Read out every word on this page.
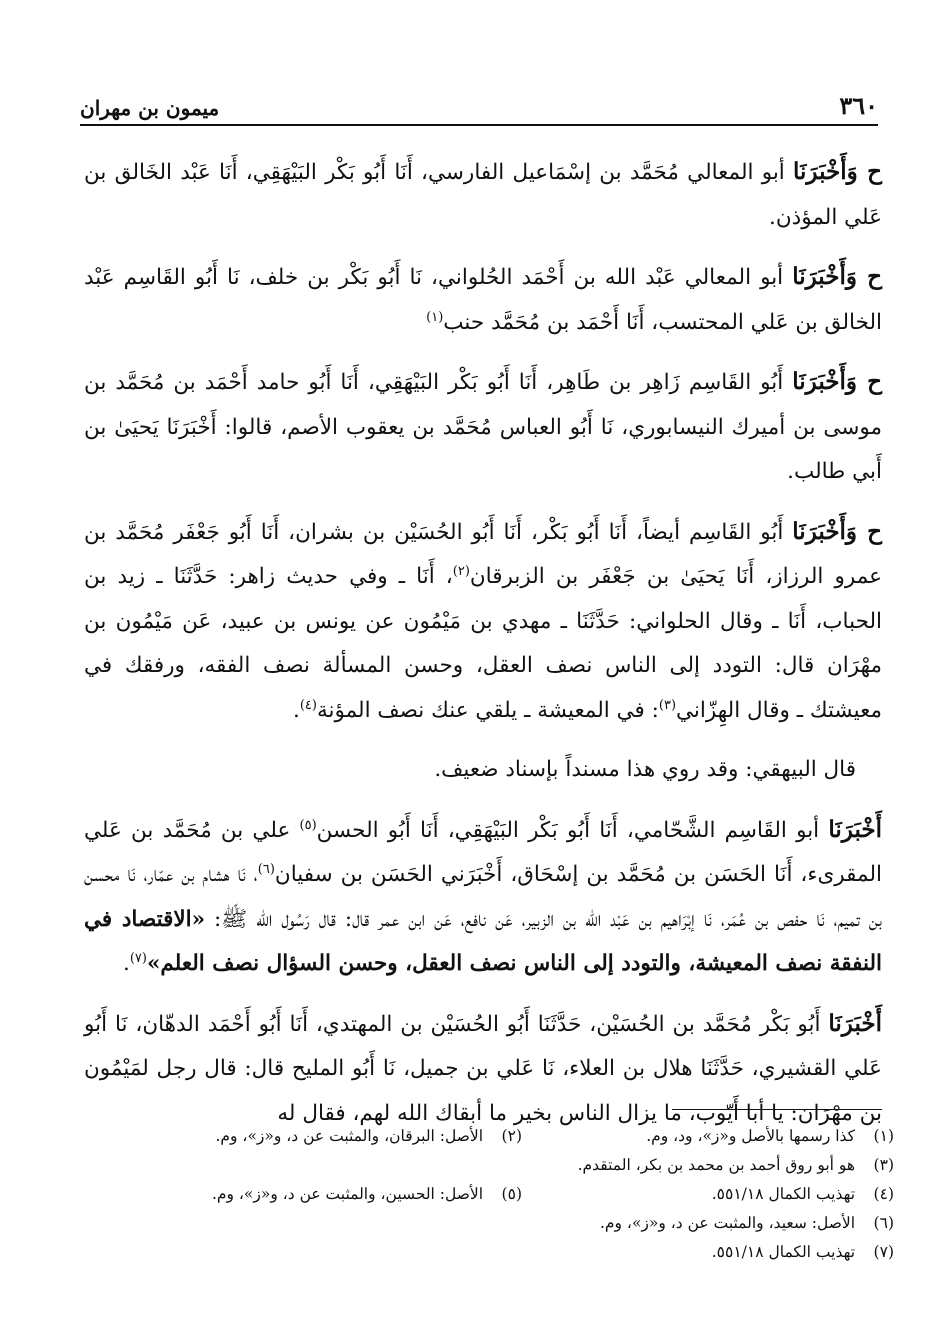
٣٦٠
ميمون بن مهران

ح وَأَخْبَرَنَا أبو المعالي مُحَمَّد بن إسْمَاعيل الفارسي، أَنَا أَبُو بَكْر البَيْهَقِي، أَنَا عَبْد الخَالق بن عَلي المؤذن.

ح وَأَخْبَرَنَا أبو المعالي عَبْد الله بن أَحْمَد الحُلواني، نَا أَبُو بَكْر بن خلف، نَا أَبُو القَاسِم عَبْد الخالق بن عَلي المحتسب، أَنَا أَحْمَد بن مُحَمَّد حنب$^{(١)}$

ح وَأَخْبَرَنَا أَبُو القَاسِم زَاهِر بن طَاهِر، أَنَا أَبُو بَكْر البَيْهَقِي، أَنَا أَبُو حامد أَحْمَد بن مُحَمَّد بن موسى بن أميرك النيسابوري، نَا أَبُو العباس مُحَمَّد بن يعقوب الأصم، قالوا: أَخْبَرَنَا يَحيَىٰ بن أَبي طالب.

ح وَأَخْبَرَنَا أَبُو القَاسِم أيضاً، أَنَا أَبُو بَكْر، أَنَا أَبُو الحُسَيْن بن بشران، أَنَا أَبُو جَعْفَر مُحَمَّد بن عمرو الرزاز، أَنَا يَحيَىٰ بن جَعْفَر بن الزبرقان$^{(٢)}$، أَنَا ـ وفي حديث زاهر: حَدَّثَنَا ـ زيد بن الحباب، أَنَا ـ وقال الحلواني: حَدَّثَنَا ـ مهدي بن مَيْمُون عن يونس بن عبيد، عَن مَيْمُون بن مهْرَان قال: التودد إلى الناس نصف العقل، وحسن المسألة نصف الفقه، ورفقك في معيشتك ـ وقال الهِزّاني$^{(٣)}$: في المعيشة ـ يلقي عنك نصف المؤنة$^{(٤)}$.

قال البيهقي: وقد روي هذا مسنداً بإسناد ضعيف.

أَخْبَرَنَا أبو القَاسِم الشَّحّامي، أَنَا أَبُو بَكْر البَيْهَقِي، أَنَا أَبُو الحسن$^{(٥)}$ علي بن مُحَمَّد بن عَلي المقرىء، أَنَا الحَسَن بن مُحَمَّد بن إسْحَاق، أَخْبَرَني الحَسَن بن سفيان$^{(٦)}$، نَا هشام بن عمّار، نَا محسن بن تميم، نَا حفص بن عُمَر، نَا إبْرَاهيم بن عَبْد الله بن الزبير، عَن نافع، عَن ابن عمر قال: قال رَسُول الله ﷺ: «الاقتصاد في النفقة نصف المعيشة، والتودد إلى الناس نصف العقل، وحسن السؤال نصف العلم»$^{(٧)}$.

أَخْبَرَنَا أَبُو بَكْر مُحَمَّد بن الحُسَيْن، حَدَّثَنَا أَبُو الحُسَيْن بن المهتدي، أَنَا أَبُو أَحْمَد الدهّان، نَا أَبُو عَلي القشيري، حَدَّثَنَا هلال بن العلاء، نَا عَلي بن جميل، نَا أَبُو المليح قال: قال رجل لمَيْمُون بن مهْرَان: يا أبا أَيّوب، ما يزال الناس بخير ما أبقاك الله لهم، فقال له

(١) كذا رسمها بالأصل و«ز»، ود، وم.
(٢) الأصل: البرقان، والمثبت عن د، و«ز»، وم.
(٣) هو أبو روق أحمد بن محمد بن بكر، المتقدم.
(٤) تهذيب الكمال ٥٥١/١٨.
(٥) الأصل: الحسين، والمثبت عن د، و«ز»، وم.
(٦) الأصل: سعيد، والمثبت عن د، و«ز»، وم.
(٧) تهذيب الكمال ٥٥١/١٨.
